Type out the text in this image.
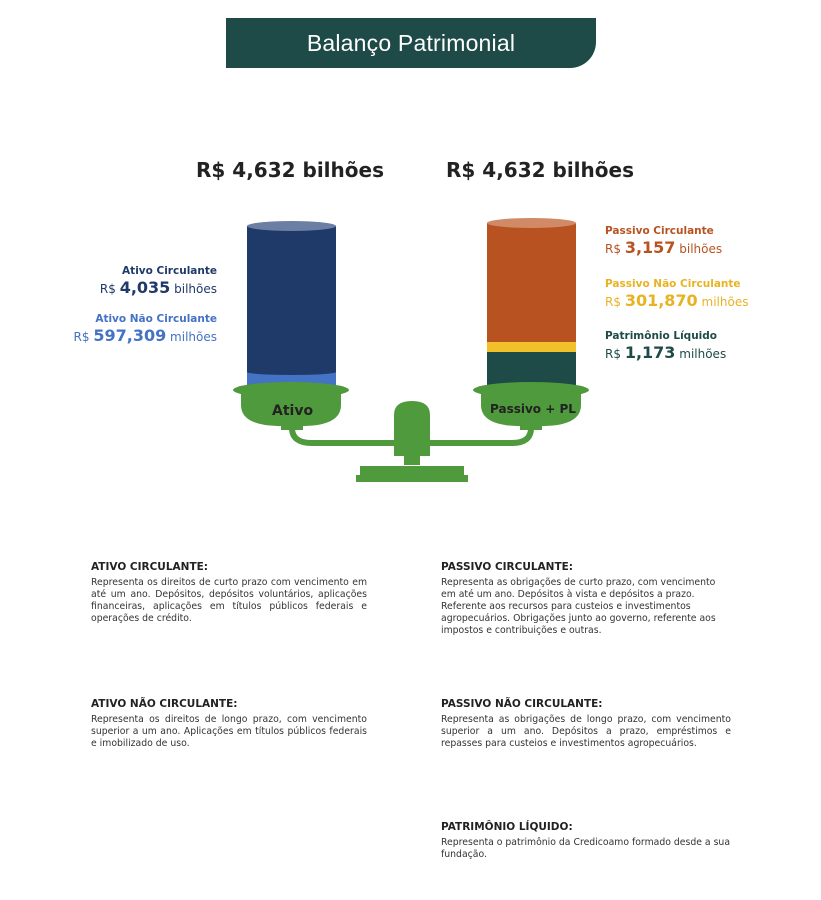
Balanço Patrimonial
R$ 4,632 bilhões	R$ 4,632 bilhões
Ativo	Passivo + PL
Ativo Circulante
R$ 4,035 bilhões
Ativo Não Circulante
R$ 597,309 milhões
Passivo Circulante
R$ 3,157 bilhões
Passivo Não Circulante
R$ 301,870 milhões
Patrimônio Líquido
R$ 1,173 milhões
ATIVO CIRCULANTE:

Representa os direitos de curto prazo com vencimento em até um ano. Depósitos, depósitos voluntários, aplicações financeiras, aplicações em títulos públicos federais e operações de crédito.

PASSIVO CIRCULANTE:

Representa as obrigações de curto prazo, com vencimento em até um ano. Depósitos à vista e depósitos a prazo. Referente aos recursos para custeios e investimentos agropecuários. Obrigações junto ao governo, referente aos impostos e contribuições e outras.

ATIVO NÃO CIRCULANTE:

Representa os direitos de longo prazo, com vencimento superior a um ano. Aplicações em títulos públicos federais e imobilizado de uso.

PASSIVO NÃO CIRCULANTE:

Representa as obrigações de longo prazo, com vencimento superior a um ano. Depósitos a prazo, empréstimos e repasses para custeios e investimentos agropecuários.

PATRIMÔNIO LÍQUIDO:

Representa o patrimônio da Credicoamo formado desde a sua fundação.
